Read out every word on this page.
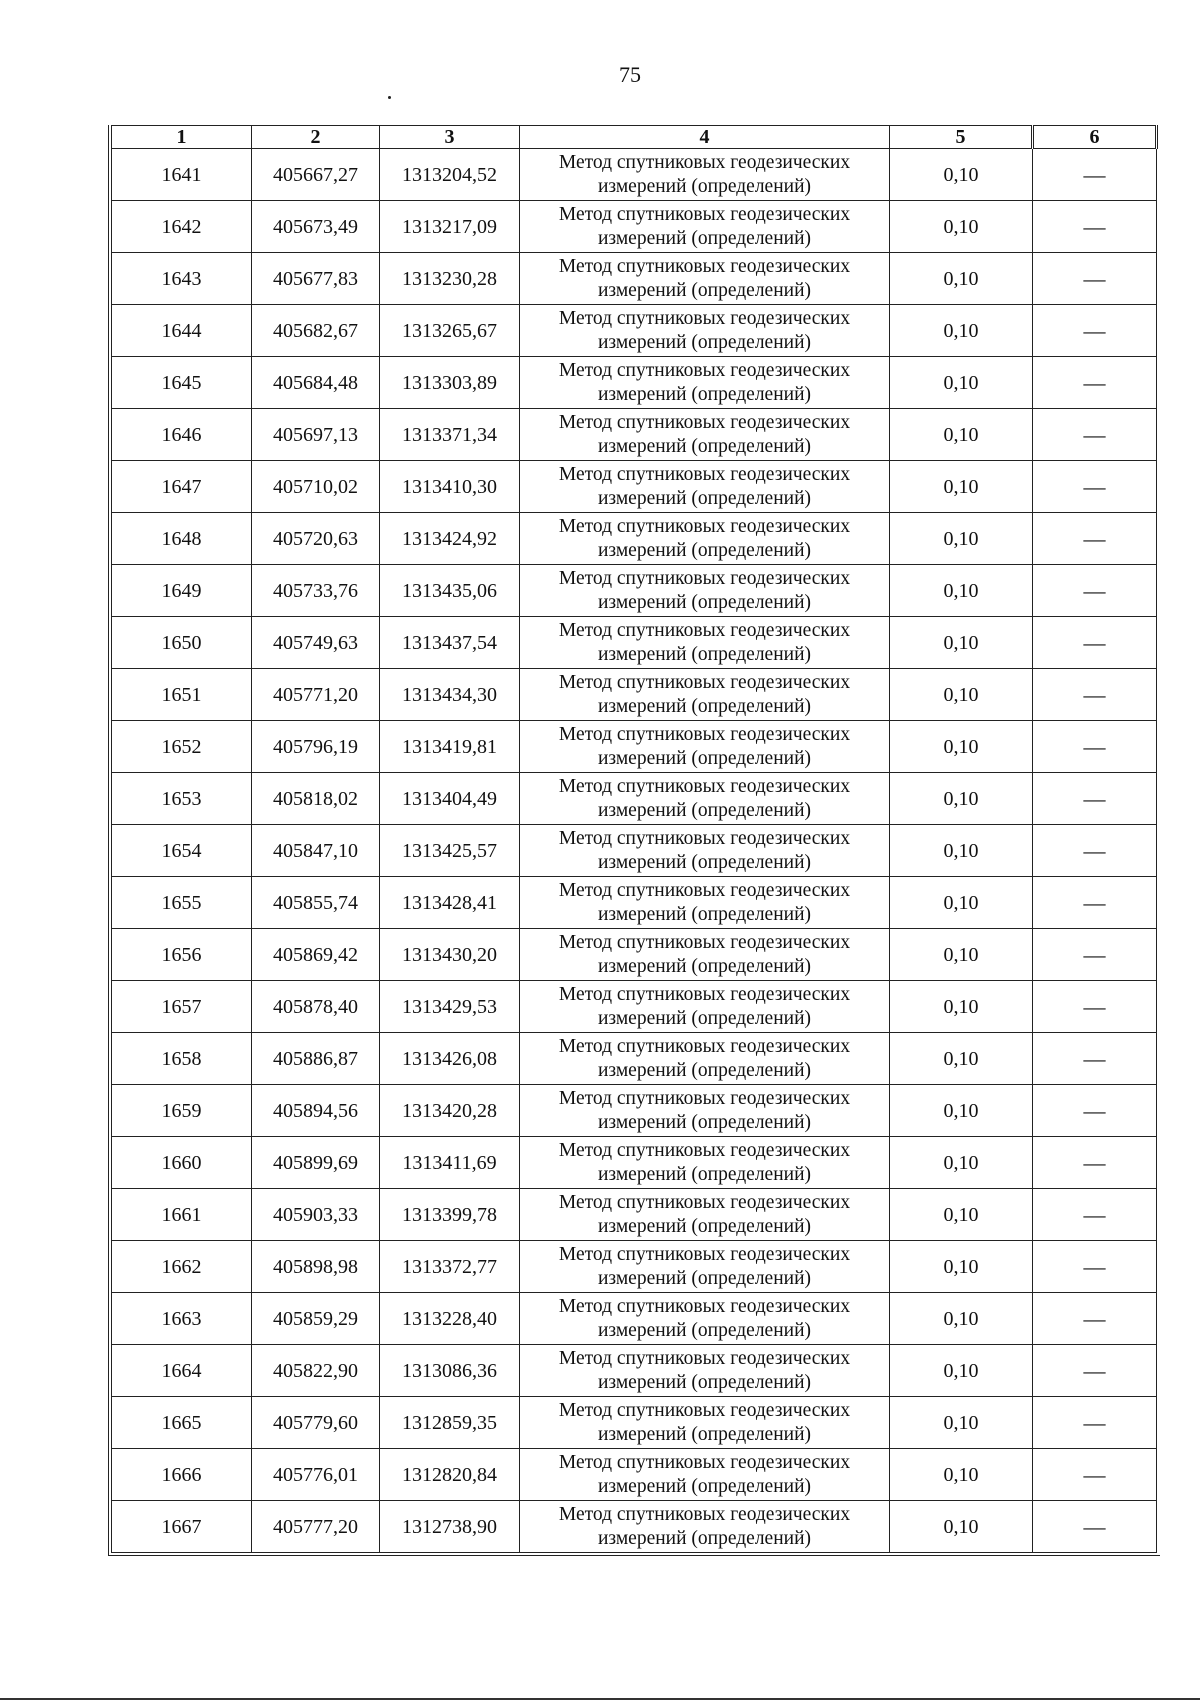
75
1	2	3	4	5	6
1641	405667,27	1313204,52	Метод спутниковых геодезических
измерений (определений)	0,10	—
1642	405673,49	1313217,09	Метод спутниковых геодезических
измерений (определений)	0,10	—
1643	405677,83	1313230,28	Метод спутниковых геодезических
измерений (определений)	0,10	—
1644	405682,67	1313265,67	Метод спутниковых геодезических
измерений (определений)	0,10	—
1645	405684,48	1313303,89	Метод спутниковых геодезических
измерений (определений)	0,10	—
1646	405697,13	1313371,34	Метод спутниковых геодезических
измерений (определений)	0,10	—
1647	405710,02	1313410,30	Метод спутниковых геодезических
измерений (определений)	0,10	—
1648	405720,63	1313424,92	Метод спутниковых геодезических
измерений (определений)	0,10	—
1649	405733,76	1313435,06	Метод спутниковых геодезических
измерений (определений)	0,10	—
1650	405749,63	1313437,54	Метод спутниковых геодезических
измерений (определений)	0,10	—
1651	405771,20	1313434,30	Метод спутниковых геодезических
измерений (определений)	0,10	—
1652	405796,19	1313419,81	Метод спутниковых геодезических
измерений (определений)	0,10	—
1653	405818,02	1313404,49	Метод спутниковых геодезических
измерений (определений)	0,10	—
1654	405847,10	1313425,57	Метод спутниковых геодезических
измерений (определений)	0,10	—
1655	405855,74	1313428,41	Метод спутниковых геодезических
измерений (определений)	0,10	—
1656	405869,42	1313430,20	Метод спутниковых геодезических
измерений (определений)	0,10	—
1657	405878,40	1313429,53	Метод спутниковых геодезических
измерений (определений)	0,10	—
1658	405886,87	1313426,08	Метод спутниковых геодезических
измерений (определений)	0,10	—
1659	405894,56	1313420,28	Метод спутниковых геодезических
измерений (определений)	0,10	—
1660	405899,69	1313411,69	Метод спутниковых геодезических
измерений (определений)	0,10	—
1661	405903,33	1313399,78	Метод спутниковых геодезических
измерений (определений)	0,10	—
1662	405898,98	1313372,77	Метод спутниковых геодезических
измерений (определений)	0,10	—
1663	405859,29	1313228,40	Метод спутниковых геодезических
измерений (определений)	0,10	—
1664	405822,90	1313086,36	Метод спутниковых геодезических
измерений (определений)	0,10	—
1665	405779,60	1312859,35	Метод спутниковых геодезических
измерений (определений)	0,10	—
1666	405776,01	1312820,84	Метод спутниковых геодезических
измерений (определений)	0,10	—
1667	405777,20	1312738,90	Метод спутниковых геодезических
измерений (определений)	0,10	—
